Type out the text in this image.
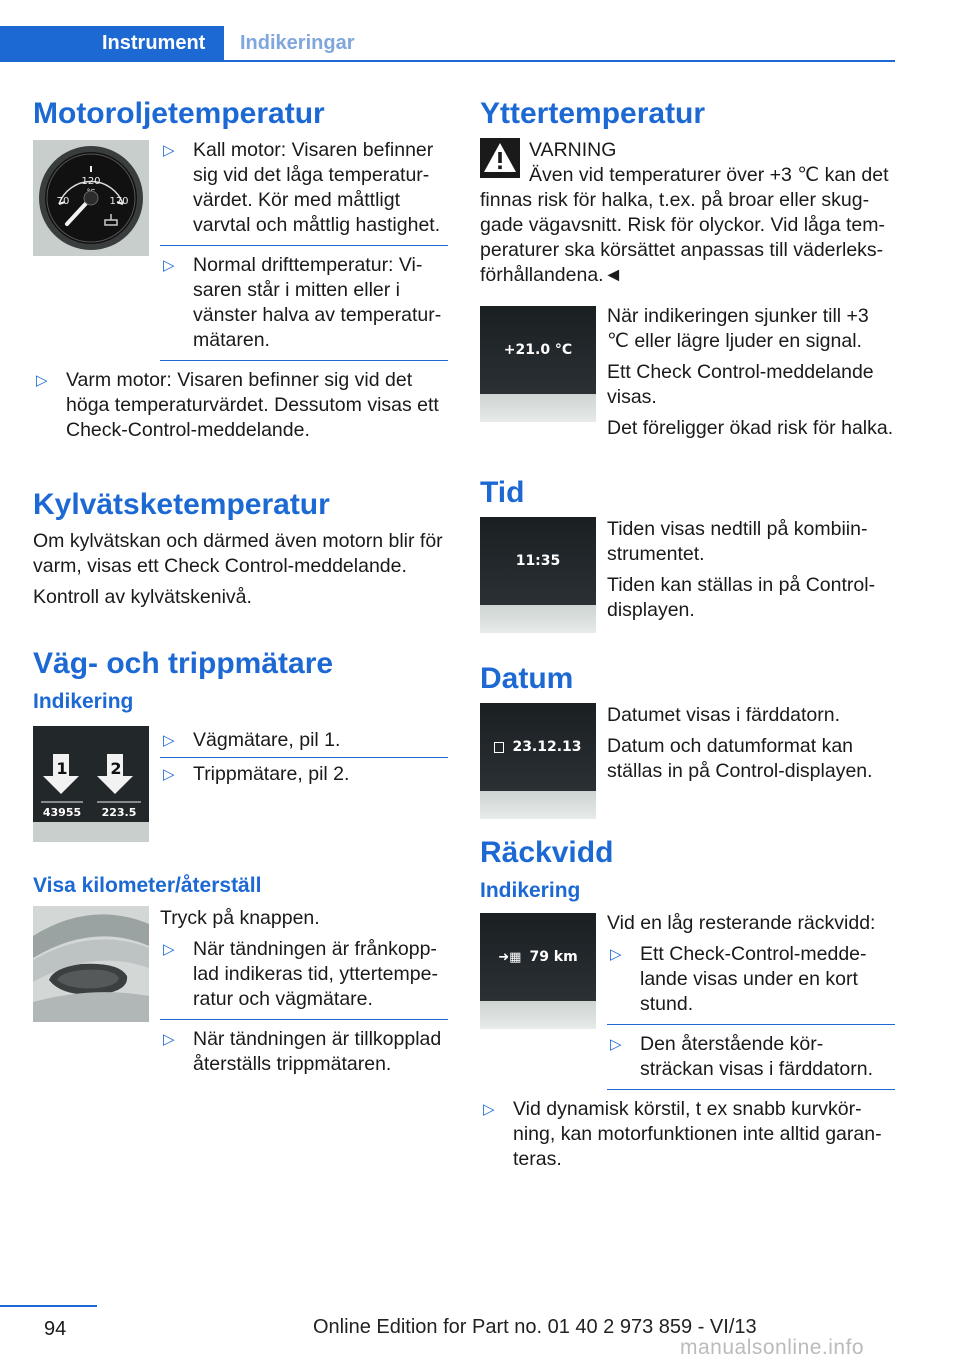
Instrument	Indikeringar
Motoroljetemperatur
120
70	170
▷ Kall motor: Visaren befinner sig vid det låga temperatur-värdet. Kör med måttligt varvtal och måttlig hastighet.
▷ Normal drifttemperatur: Vi-saren står i mitten eller i vänster halva av temperatur-mätaren.
▷ Varm motor: Visaren befinner sig vid det höga temperaturvärdet. Dessutom visas ett Check-Control-meddelande.
Kylvätsketemperatur

Om kylvätskan och därmed även motorn blir för varm, visas ett Check Control-meddelande.

Kontroll av kylvätskenivå.

Väg- och trippmätare
Indikering
1	2
43955 223.5
▷ Vägmätare, pil 1.
▷ Trippmätare, pil 2.
Visa kilometer/återställ

Tryck på knappen.

▷ När tändningen är frånkopp-lad indikeras tid, yttertempe-ratur och vägmätare.
▷ När tändningen är tillkopplad återställs trippmätaren.
Yttertemperatur

VARNING

Även vid temperaturer över +3 ℃ kan det finnas risk för halka, t.ex. på broar eller skug-gade vägavsnitt. Risk för olyckor. Vid låga tem-peraturer ska körsättet anpassas till väderleks-förhållandena.◄

+21.0 °C

När indikeringen sjunker till +3 ℃ eller lägre ljuder en signal.

Ett Check Control-meddelande visas.

Det föreligger ökad risk för halka.

Tid
11:35

Tiden visas nedtill på kombiin-strumentet.

Tiden kan ställas in på Control-displayen.

Datum
23.12.13

Datumet visas i färddatorn.

Datum och datumformat kan ställas in på Control-displayen.

Räckvidd
Indikering
➜▦ 79 km

Vid en låg resterande räckvidd:

▷ Ett Check-Control-medde-lande visas under en kort stund.
▷ Den återstående kör-sträckan visas i färddatorn.
▷ Vid dynamisk körstil, t ex snabb kurvkör-ning, kan motorfunktionen inte alltid garan-teras.
94	Online Edition for Part no. 01 40 2 973 859 - VI/13
manualsonline.info
